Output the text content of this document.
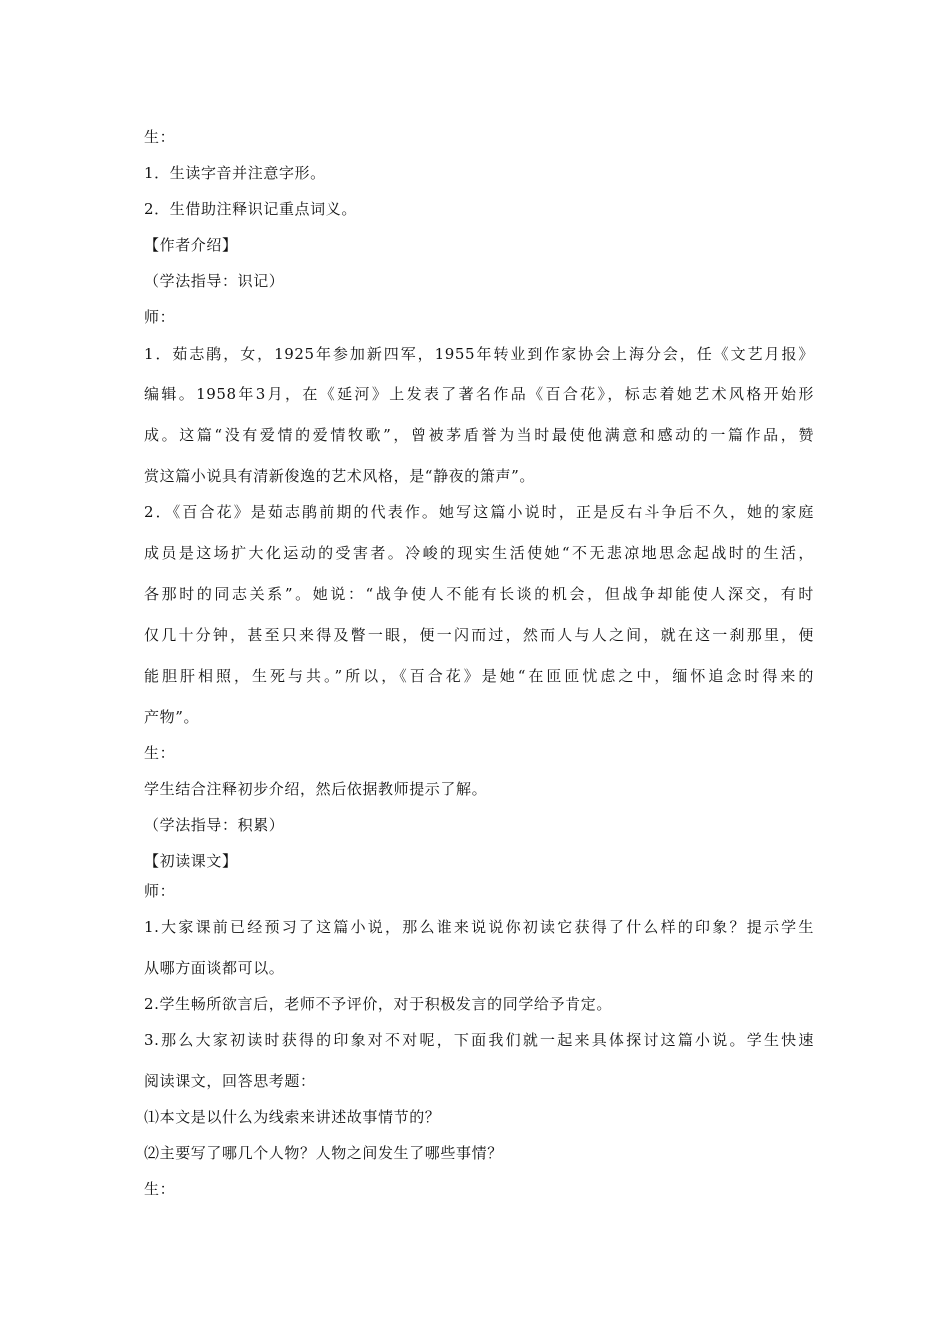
生：
1．生读字音并注意字形。
2．生借助注释识记重点词义。
【作者介绍】
（学法指导：识记）
师：
1．茹志鹃，女，1925年参加新四军，1955年转业到作家协会上海分会，任《文艺月报》
编辑。1958年3月，在《延河》上发表了著名作品《百合花》，标志着她艺术风格开始形
成。这篇“没有爱情的爱情牧歌”，曾被茅盾誉为当时最使他满意和感动的一篇作品，赞
赏这篇小说具有清新俊逸的艺术风格，是“静夜的箫声”。
2．《百合花》是茹志鹃前期的代表作。她写这篇小说时，正是反右斗争后不久，她的家庭
成员是这场扩大化运动的受害者。冷峻的现实生活使她“不无悲凉地思念起战时的生活，
各那时的同志关系”。她说：“战争使人不能有长谈的机会，但战争却能使人深交，有时
仅几十分钟，甚至只来得及瞥一眼，便一闪而过，然而人与人之间，就在这一刹那里，便
能胆肝相照，生死与共。”所以，《百合花》是她“在匝匝忧虑之中，缅怀追念时得来的
产物”。
生：
学生结合注释初步介绍，然后依据教师提示了解。
（学法指导：积累）
【初读课文】
师：
1.大家课前已经预习了这篇小说，那么谁来说说你初读它获得了什么样的印象？提示学生
从哪方面谈都可以。
2.学生畅所欲言后，老师不予评价，对于积极发言的同学给予肯定。
3.那么大家初读时获得的印象对不对呢，下面我们就一起来具体探讨这篇小说。学生快速
阅读课文，回答思考题：
⑴本文是以什么为线索来讲述故事情节的？
⑵主要写了哪几个人物？人物之间发生了哪些事情？
生：
